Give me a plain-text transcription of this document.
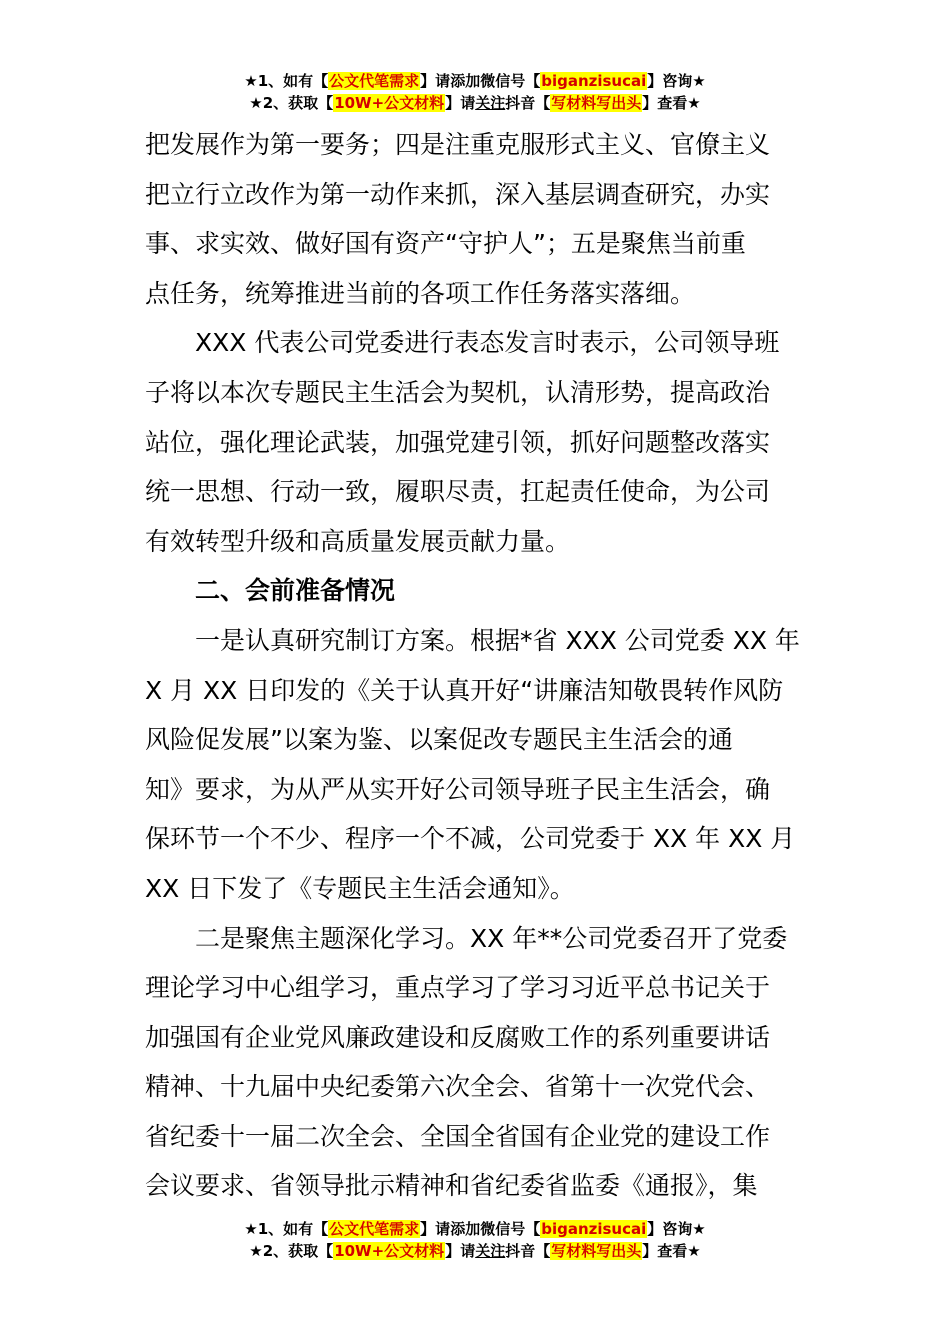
★1、如有【公文代笔需求】请添加微信号【biganzisucai】咨询★
★2、获取【10W+公文材料】请关注抖音【写材料写出头】查看★

把发展作为第一要务；四是注重克服形式主义、官僚主义
把立行立改作为第一动作来抓，深入基层调查研究，办实
事、求实效、做好国有资产“守护人”；五是聚焦当前重
点任务，统筹推进当前的各项工作任务落实落细。

XXX 代表公司党委进行表态发言时表示，公司领导班
子将以本次专题民主生活会为契机，认清形势，提高政治
站位，强化理论武装，加强党建引领，抓好问题整改落实
统一思想、行动一致，履职尽责，扛起责任使命，为公司
有效转型升级和高质量发展贡献力量。

二、会前准备情况

一是认真研究制订方案。根据*省 XXX 公司党委 XX 年
X 月 XX 日印发的《关于认真开好“讲廉洁知敬畏转作风防
风险促发展”以案为鉴、以案促改专题民主生活会的通
知》要求，为从严从实开好公司领导班子民主生活会，确
保环节一个不少、程序一个不减，公司党委于 XX 年 XX 月
XX 日下发了《专题民主生活会通知》。

二是聚焦主题深化学习。XX 年**公司党委召开了党委
理论学习中心组学习，重点学习了学习习近平总书记关于
加强国有企业党风廉政建设和反腐败工作的系列重要讲话
精神、十九届中央纪委第六次全会、省第十一次党代会、
省纪委十一届二次全会、全国全省国有企业党的建设工作
会议要求、省领导批示精神和省纪委省监委《通报》，集

★1、如有【公文代笔需求】请添加微信号【biganzisucai】咨询★
★2、获取【10W+公文材料】请关注抖音【写材料写出头】查看★
